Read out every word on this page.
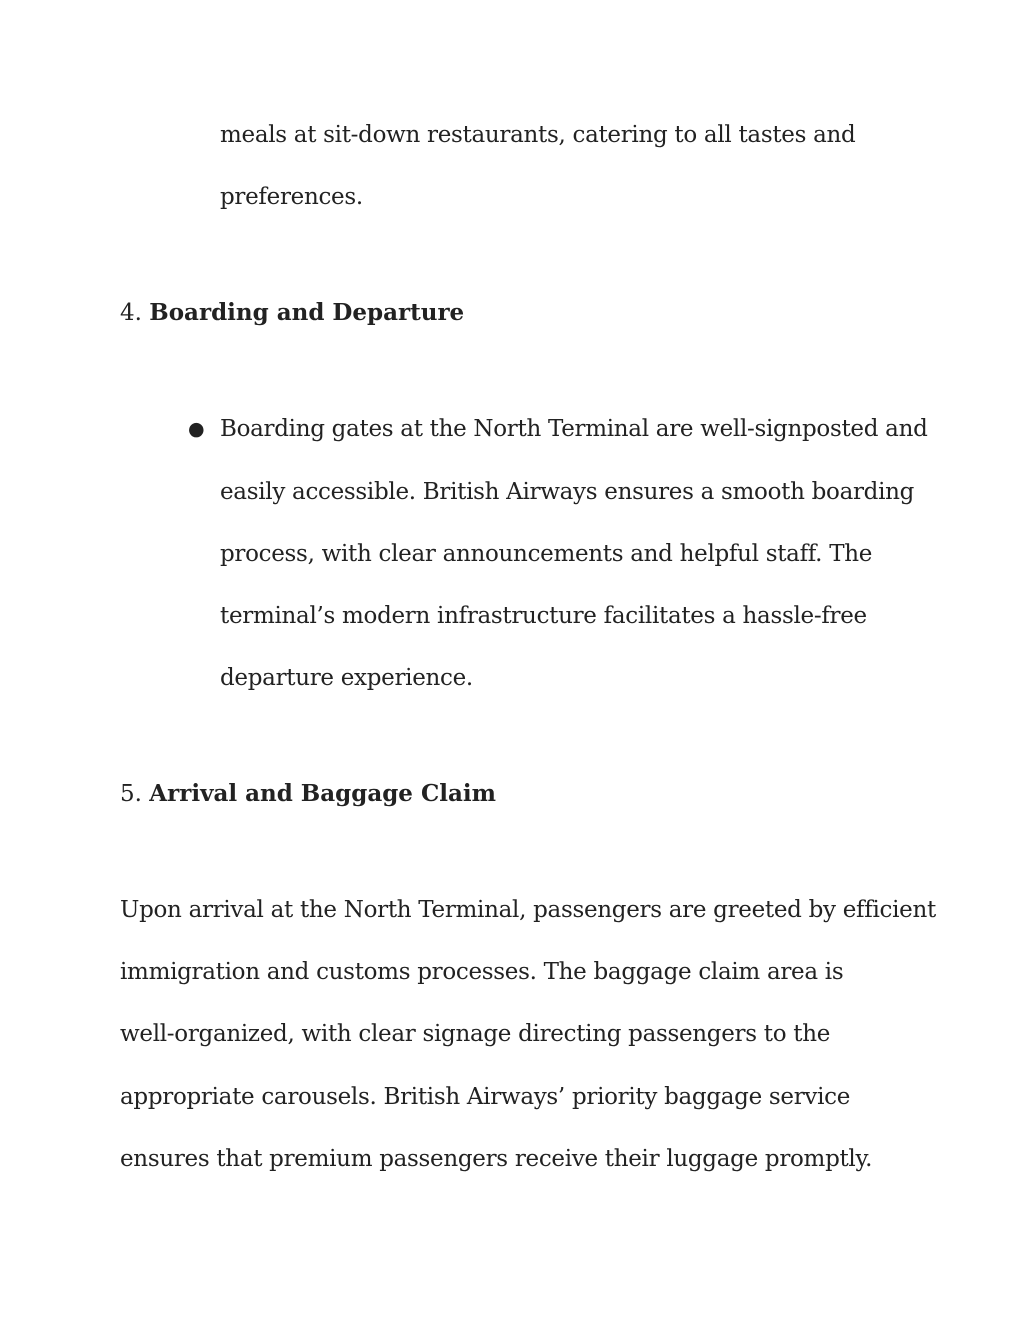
meals at sit-down restaurants, catering to all tastes and
preferences.
4. Boarding and Departure
● Boarding gates at the North Terminal are well-signposted and
easily accessible. British Airways ensures a smooth boarding
process, with clear announcements and helpful staff. The
terminal’s modern infrastructure facilitates a hassle-free
departure experience.
5. Arrival and Baggage Claim
Upon arrival at the North Terminal, passengers are greeted by efficient
immigration and customs processes. The baggage claim area is
well-organized, with clear signage directing passengers to the
appropriate carousels. British Airways’ priority baggage service
ensures that premium passengers receive their luggage promptly.
